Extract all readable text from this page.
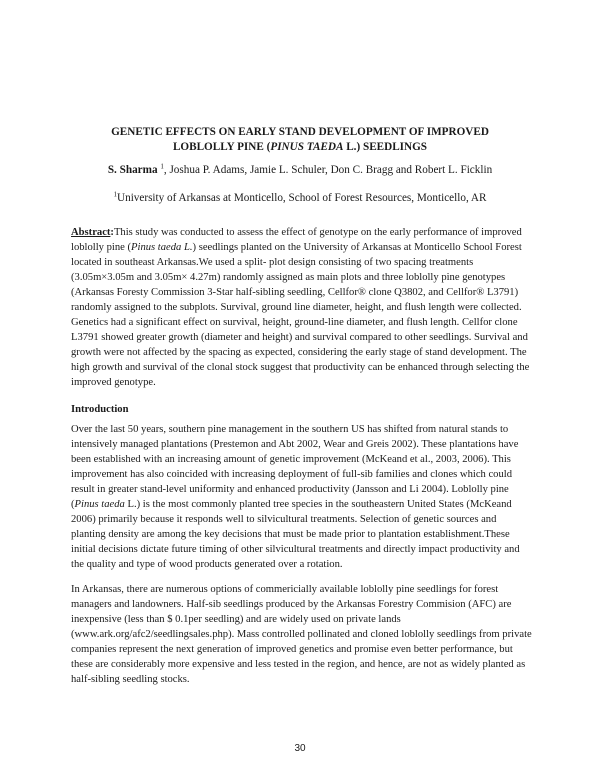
GENETIC EFFECTS ON EARLY STAND DEVELOPMENT OF IMPROVED
LOBLOLLY PINE (PINUS TAEDA L.) SEEDLINGS
S. Sharma $^1$, Joshua P. Adams, Jamie L. Schuler, Don C. Bragg and Robert L. Ficklin
$^1$University of Arkansas at Monticello, School of Forest Resources, Monticello, AR
Abstract:This study was conducted to assess the effect of genotype on the early performance of improved loblolly pine (Pinus taeda L.) seedlings planted on the University of Arkansas at Monticello School Forest located in southeast Arkansas.We used a split- plot design consisting of two spacing treatments (3.05m×3.05m and 3.05m× 4.27m) randomly assigned as main plots and three loblolly pine genotypes (Arkansas Foresty Commission 3-Star half-sibling seedling, Cellfor® clone Q3802, and Cellfor® L3791) randomly assigned to the subplots. Survival, ground line diameter, height, and flush length were collected. Genetics had a significant effect on survival, height, ground-line diameter, and flush length. Cellfor clone L3791 showed greater growth (diameter and height) and survival compared to other seedlings. Survival and growth were not affected by the spacing as expected, considering the early stage of stand development. The high growth and survival of the clonal stock suggest that productivity can be enhanced through selecting the improved genotype.
Introduction
Over the last 50 years, southern pine management in the southern US has shifted from natural stands to intensively managed plantations (Prestemon and Abt 2002, Wear and Greis 2002). These plantations have been established with an increasing amount of genetic improvement (McKeand et al., 2003, 2006). This improvement has also coincided with increasing deployment of full-sib families and clones which could result in greater stand-level uniformity and enhanced productivity (Jansson and Li 2004). Loblolly pine (Pinus taeda L.) is the most commonly planted tree species in the southeastern United States (McKeand 2006) primarily because it responds well to silvicultural treatments. Selection of genetic sources and planting density are among the key decisions that must be made prior to plantation establishment.These initial decisions dictate future timing of other silvicultural treatments and directly impact productivity and the quality and type of wood products generated over a rotation.
In Arkansas, there are numerous options of commericially available loblolly pine seedlings for forest managers and landowners. Half-sib seedlings produced by the Arkansas Forestry Commision (AFC) are inexpensive (less than $ 0.1per seedling) and are widely used on private lands (www.ark.org/afc2/seedlingsales.php). Mass controlled pollinated and cloned loblolly seedlings from private companies represent the next generation of improved genetics and promise even better performance, but these are considerably more expensive and less tested in the region, and hence, are not as widely planted as half-sibling seedling stocks.
30
